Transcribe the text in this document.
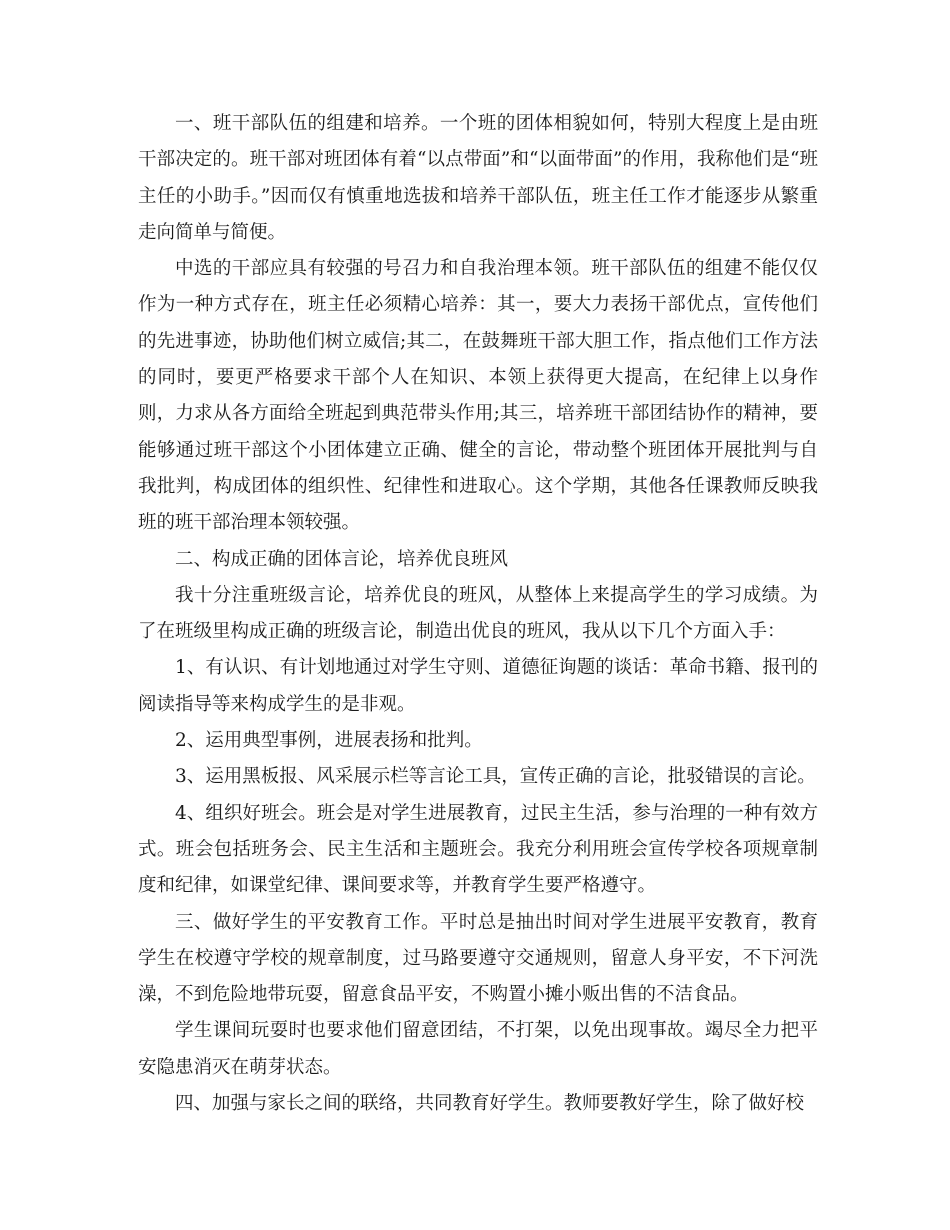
一、班干部队伍的组建和培养。一个班的团体相貌如何，特别大程度上是由班干部决定的。班干部对班团体有着“以点带面”和“以面带面”的作用，我称他们是“班主任的小助手。”因而仅有慎重地选拔和培养干部队伍，班主任工作才能逐步从繁重走向简单与简便。

中选的干部应具有较强的号召力和自我治理本领。班干部队伍的组建不能仅仅作为一种方式存在，班主任必须精心培养：其一，要大力表扬干部优点，宣传他们的先进事迹，协助他们树立威信;其二，在鼓舞班干部大胆工作，指点他们工作方法的同时，要更严格要求干部个人在知识、本领上获得更大提高，在纪律上以身作则，力求从各方面给全班起到典范带头作用;其三，培养班干部团结协作的精神，要能够通过班干部这个小团体建立正确、健全的言论，带动整个班团体开展批判与自我批判，构成团体的组织性、纪律性和进取心。这个学期，其他各任课教师反映我班的班干部治理本领较强。

二、构成正确的团体言论，培养优良班风

我十分注重班级言论，培养优良的班风，从整体上来提高学生的学习成绩。为了在班级里构成正确的班级言论，制造出优良的班风，我从以下几个方面入手：

1、有认识、有计划地通过对学生守则、道德征询题的谈话：革命书籍、报刊的阅读指导等来构成学生的是非观。

2、运用典型事例，进展表扬和批判。

3、运用黑板报、风采展示栏等言论工具，宣传正确的言论，批驳错误的言论。

4、组织好班会。班会是对学生进展教育，过民主生活，参与治理的一种有效方式。班会包括班务会、民主生活和主题班会。我充分利用班会宣传学校各项规章制度和纪律，如课堂纪律、课间要求等，并教育学生要严格遵守。

三、做好学生的平安教育工作。平时总是抽出时间对学生进展平安教育，教育学生在校遵守学校的规章制度，过马路要遵守交通规则，留意人身平安，不下河洗澡，不到危险地带玩耍，留意食品平安，不购置小摊小贩出售的不洁食品。

学生课间玩耍时也要求他们留意团结，不打架，以免出现事故。竭尽全力把平安隐患消灭在萌芽状态。

四、加强与家长之间的联络，共同教育好学生。教师要教好学生，除了做好校
